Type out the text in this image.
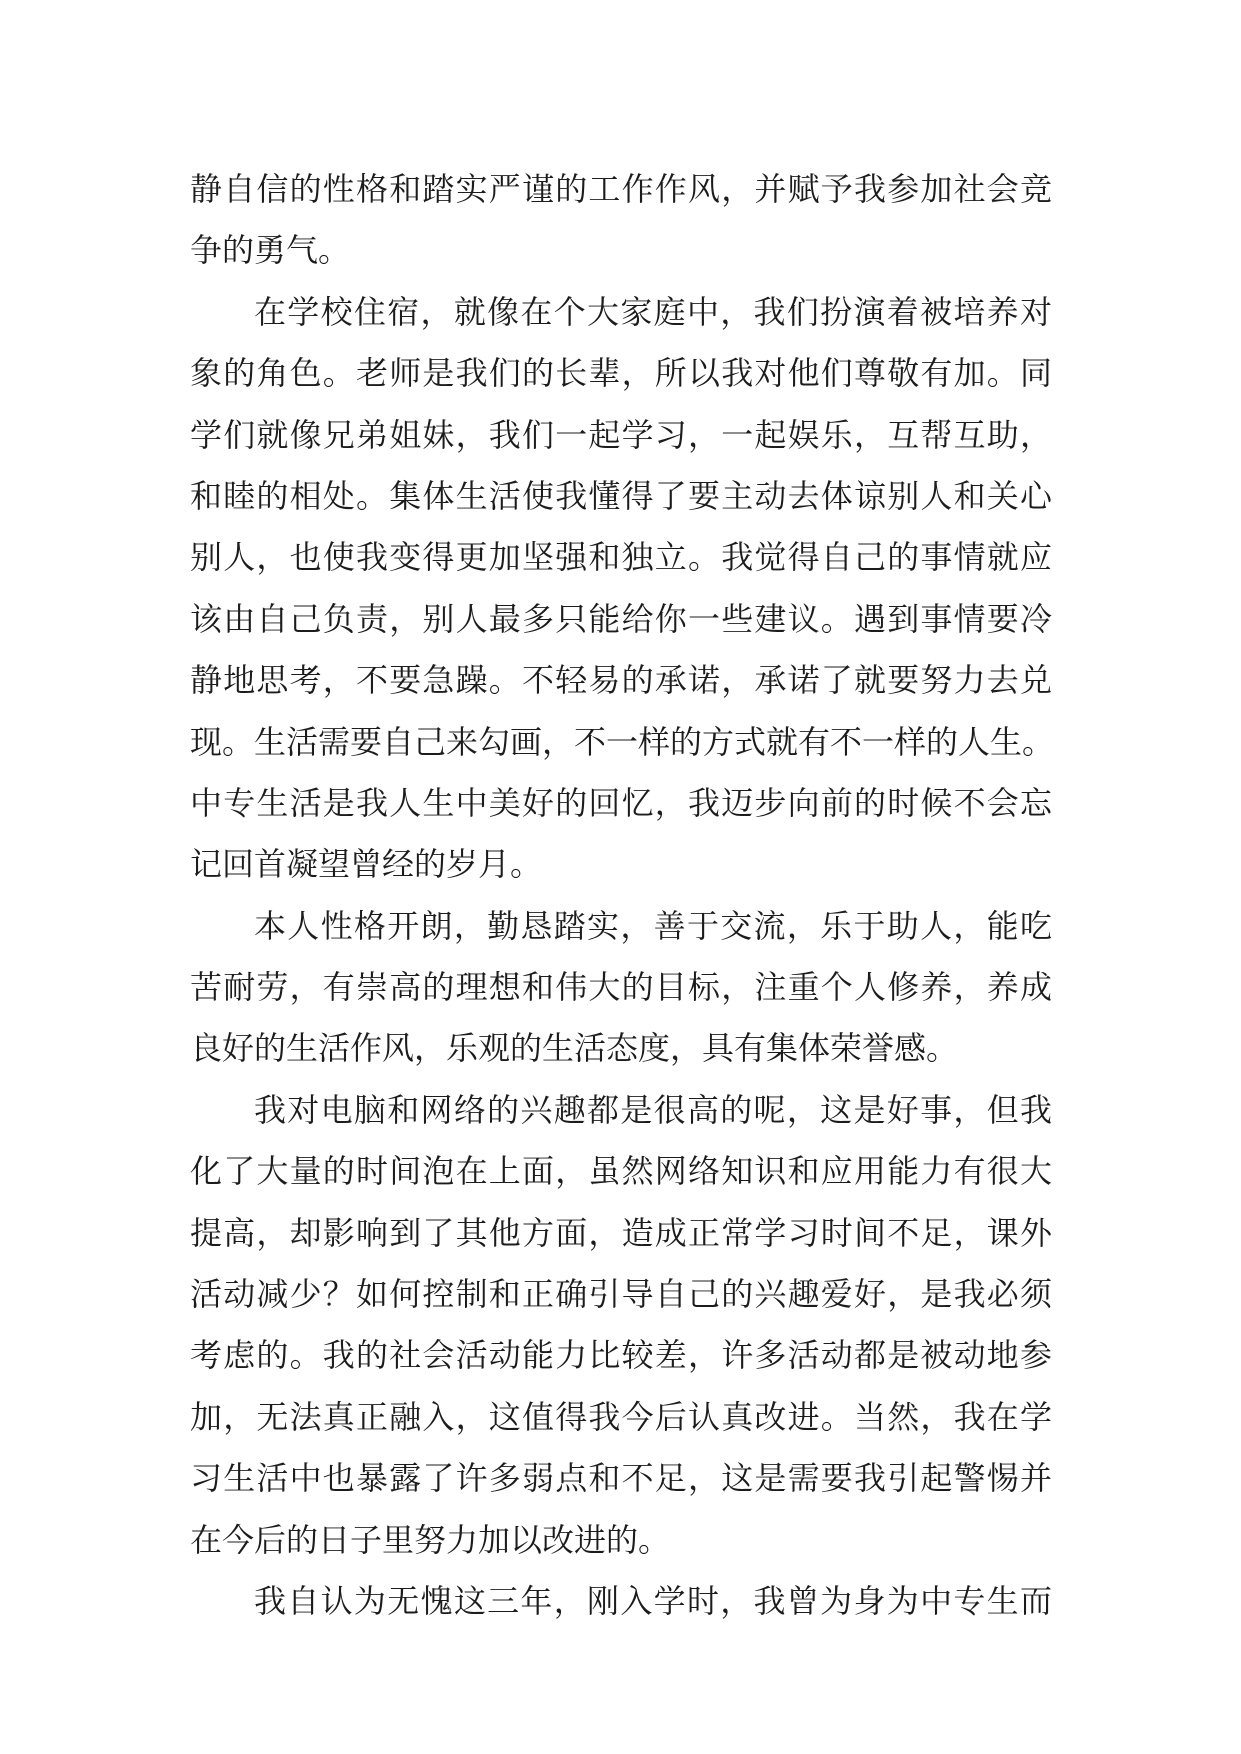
静自信的性格和踏实严谨的工作作风，并赋予我参加社会竞
争的勇气。
在学校住宿，就像在个大家庭中，我们扮演着被培养对
象的角色。老师是我们的长辈，所以我对他们尊敬有加。同
学们就像兄弟姐妹，我们一起学习，一起娱乐，互帮互助，
和睦的相处。集体生活使我懂得了要主动去体谅别人和关心
别人，也使我变得更加坚强和独立。我觉得自己的事情就应
该由自己负责，别人最多只能给你一些建议。遇到事情要冷
静地思考，不要急躁。不轻易的承诺，承诺了就要努力去兑
现。生活需要自己来勾画，不一样的方式就有不一样的人生。
中专生活是我人生中美好的回忆，我迈步向前的时候不会忘
记回首凝望曾经的岁月。
本人性格开朗，勤恳踏实，善于交流，乐于助人，能吃
苦耐劳，有崇高的理想和伟大的目标，注重个人修养，养成
良好的生活作风，乐观的生活态度，具有集体荣誉感。
我对电脑和网络的兴趣都是很高的呢，这是好事，但我
化了大量的时间泡在上面，虽然网络知识和应用能力有很大
提高，却影响到了其他方面，造成正常学习时间不足，课外
活动减少？如何控制和正确引导自己的兴趣爱好，是我必须
考虑的。我的社会活动能力比较差，许多活动都是被动地参
加，无法真正融入，这值得我今后认真改进。当然，我在学
习生活中也暴露了许多弱点和不足，这是需要我引起警惕并
在今后的日子里努力加以改进的。
我自认为无愧这三年，刚入学时，我曾为身为中专生而
